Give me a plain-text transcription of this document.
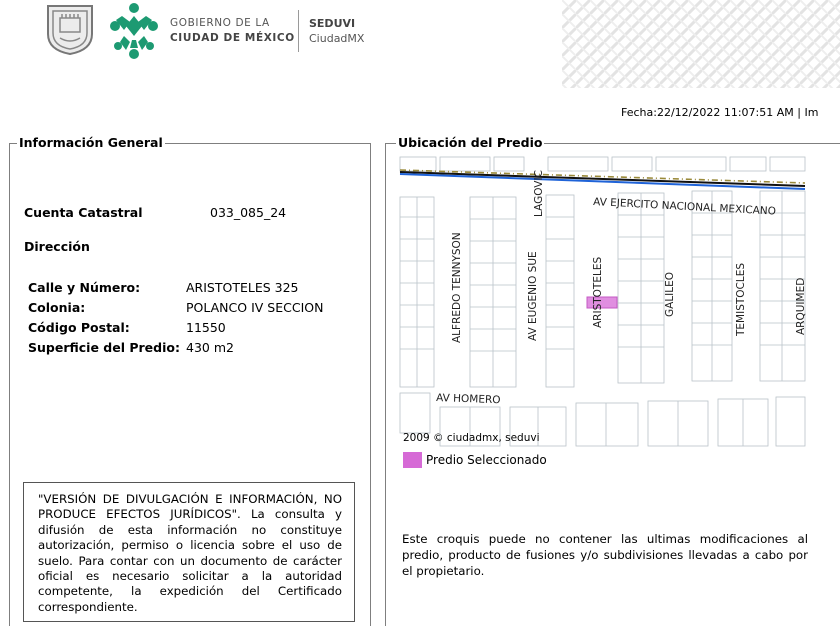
GOBIERNO DE LA
CIUDAD DE MÉXICO
SEDUVI
CiudadMX
Fecha:22/12/2022 11:07:51 AM | Im
Información General
Cuenta Catastral	033_085_24
Dirección
Calle y Número:	ARISTOTELES 325
Colonia:	POLANCO IV SECCION
Código Postal:	11550
Superficie del Predio: 430 m2
"VERSIÓN DE DIVULGACIÓN E INFORMACIÓN, NO PRODUCE EFECTOS JURÍDICOS". La consulta y difusión de esta información no constituye autorización, permiso o licencia sobre el uso de suelo. Para contar con un documento de carácter oficial es necesario solicitar a la autoridad competente, la expedición del Certificado correspondiente.
Ubicación del Predio
AV EJERCITO NACIONAL MEXICANO
LAGOVIC
ALFREDO TENNYSON	AV EUGENIO SUE	ARISTOTELES	GALILEO	TEMISTOCLES	ARQUIMED
AV HOMERO
2009 © ciudadmx, seduvi
Predio Seleccionado
Este croquis puede no contener las ultimas modificaciones al predio, producto de fusiones y/o subdivisiones llevadas a cabo por el propietario.
